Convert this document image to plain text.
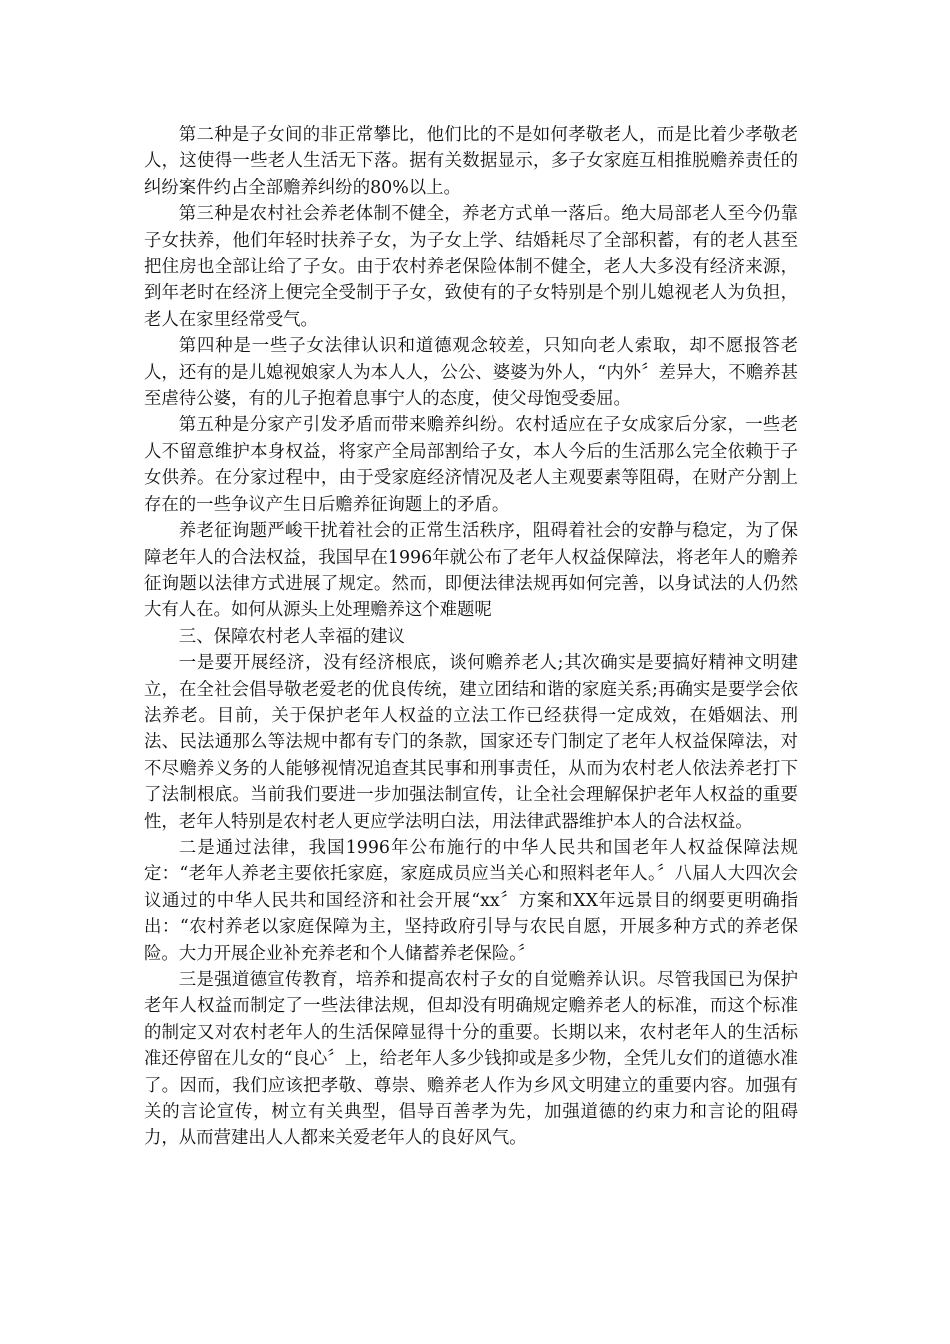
第二种是子女间的非正常攀比，他们比的不是如何孝敬老人，而是比着少孝敬老人，这使得一些老人生活无下落。据有关数据显示，多子女家庭互相推脱赡养责任的纠纷案件约占全部赡养纠纷的80%以上。

第三种是农村社会养老体制不健全，养老方式单一落后。绝大局部老人至今仍靠子女扶养，他们年轻时扶养子女，为子女上学、结婚耗尽了全部积蓄，有的老人甚至把住房也全部让给了子女。由于农村养老保险体制不健全，老人大多没有经济来源，到年老时在经济上便完全受制于子女，致使有的子女特别是个别儿媳视老人为负担，老人在家里经常受气。

第四种是一些子女法律认识和道德观念较差，只知向老人索取，却不愿报答老人，还有的是儿媳视娘家人为本人人，公公、婆婆为外人，“内外〞差异大，不赡养甚至虐待公婆，有的儿子抱着息事宁人的态度，使父母饱受委屈。

第五种是分家产引发矛盾而带来赡养纠纷。农村适应在子女成家后分家，一些老人不留意维护本身权益，将家产全局部割给子女，本人今后的生活那么完全依赖于子女供养。在分家过程中，由于受家庭经济情况及老人主观要素等阻碍，在财产分割上存在的一些争议产生日后赡养征询题上的矛盾。

养老征询题严峻干扰着社会的正常生活秩序，阻碍着社会的安静与稳定，为了保障老年人的合法权益，我国早在1996年就公布了老年人权益保障法，将老年人的赡养征询题以法律方式进展了规定。然而，即便法律法规再如何完善，以身试法的人仍然大有人在。如何从源头上处理赡养这个难题呢

三、保障农村老人幸福的建议

一是要开展经济，没有经济根底，谈何赡养老人;其次确实是要搞好精神文明建立，在全社会倡导敬老爱老的优良传统，建立团结和谐的家庭关系;再确实是要学会依法养老。目前，关于保护老年人权益的立法工作已经获得一定成效，在婚姻法、刑法、民法通那么等法规中都有专门的条款，国家还专门制定了老年人权益保障法，对不尽赡养义务的人能够视情况追查其民事和刑事责任，从而为农村老人依法养老打下了法制根底。当前我们要进一步加强法制宣传，让全社会理解保护老年人权益的重要性，老年人特别是农村老人更应学法明白法，用法律武器维护本人的合法权益。

二是通过法律，我国1996年公布施行的中华人民共和国老年人权益保障法规定：“老年人养老主要依托家庭，家庭成员应当关心和照料老年人。〞八届人大四次会议通过的中华人民共和国经济和社会开展“xx〞方案和XX年远景目的纲要更明确指出：“农村养老以家庭保障为主，坚持政府引导与农民自愿，开展多种方式的养老保险。大力开展企业补充养老和个人储蓄养老保险。〞

三是强道德宣传教育，培养和提高农村子女的自觉赡养认识。尽管我国已为保护老年人权益而制定了一些法律法规，但却没有明确规定赡养老人的标准，而这个标准的制定又对农村老年人的生活保障显得十分的重要。长期以来，农村老年人的生活标准还停留在儿女的“良心〞上，给老年人多少钱抑或是多少物，全凭儿女们的道德水准了。因而，我们应该把孝敬、尊崇、赡养老人作为乡风文明建立的重要内容。加强有关的言论宣传，树立有关典型，倡导百善孝为先，加强道德的约束力和言论的阻碍力，从而营建出人人都来关爱老年人的良好风气。
